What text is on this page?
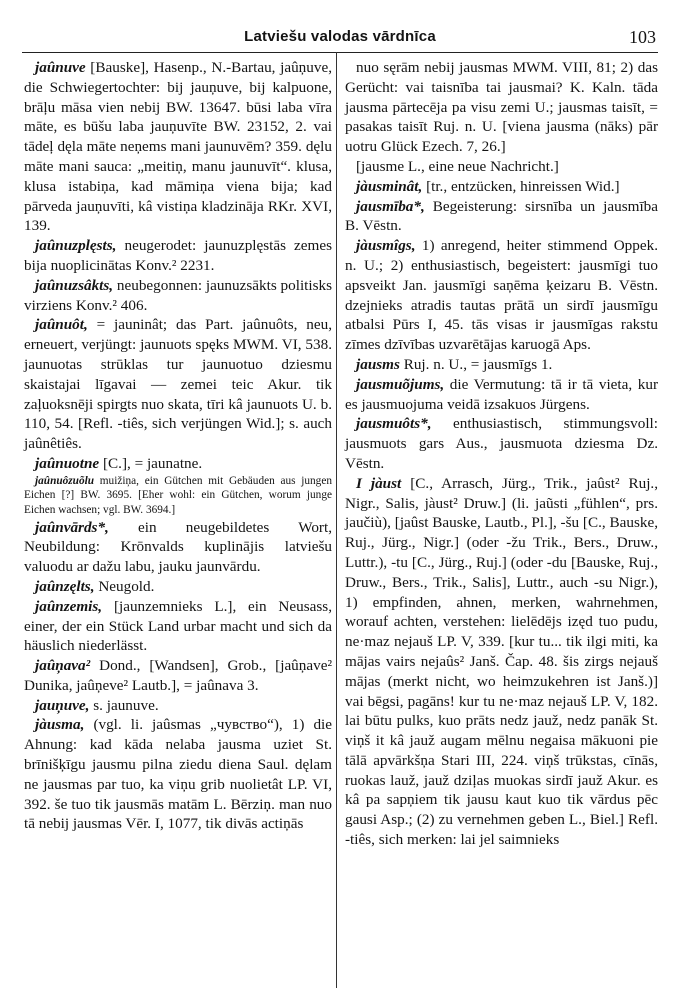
Latviešu valodas vārdnīca	103

jaûnuve [Bauske], Hasenp., N.-Bartau, jaûņuve, die Schwiegertochter: bij jauņuve, bij kalpuone, brāļu māsa vien nebij BW. 13647. būsi laba vīra māte, es būšu laba jauņuvīte BW. 23152, 2. vai tādeļ dęla māte neņems mani jaunuvēm? 359. dęlu māte mani sauca: „meitiņ, manu jaunuvīt“. klusa, klusa istabiņa, kad māmiņa viena bija; kad pārveda jauņuvīti, kâ vistiņa kladzināja RKr. XVI, 139.

jaûnuzplęsts, neugerodet: jaunuzplęstās zemes bija nuoplicinātas Konv.² 2231.

jaûnuzsâkts, neubegonnen: jaunuzsākts politisks virziens Konv.² 406.

jaûnuôt, = jauninât; das Part. jaûnuôts, neu, erneuert, verjüngt: jaunuots spęks MWM. VI, 538. jaunuotas strūklas tur jaunuotuo dziesmu skaistajai līgavai — zemei teic Akur. tik zaļuoksnēji spirgts nuo skata, tīri kâ jaunuots U. b. 110, 54. [Refl. -tiês, sich verjüngen Wid.]; s. auch jaûnêtiês.

jaûnuotne [C.], = jaunatne.

jaûnuôzuõlu muižiņa, ein Gütchen mit Gebäuden aus jungen Eichen [?] BW. 3695. [Eher wohl: ein Gütchen, worum junge Eichen wachsen; vgl. BW. 3694.]

jaûnvārds*, ein neugebildetes Wort, Neubildung: Krōnvalds kuplinājis latviešu valuodu ar dažu labu, jauku jaunvārdu.

jaûnzęlts, Neugold.

jaûnzemis, [jaunzemnieks L.], ein Neusass, einer, der ein Stück Land urbar macht und sich da häuslich niederlässt.

jaûņava² Dond., [Wandsen], Grob., [jaûņave² Dunika, jaûņeve² Lautb.], = jaûnava 3.

jauņuve, s. jaunuve.

jàusma, (vgl. li. jaûsmas „чувство“), 1) die Ahnung: kad kāda nelaba jausma uziet St. brīnišķīgu jausmu pilna ziedu diena Saul. dęlam ne jausmas par tuo, ka viņu grib nuolietât LP. VI, 392. še tuo tik jausmās matām L. Bērziņ. man nuo tā nebij jausmas Vēr. I, 1077, tik divās actiņās

nuo sęrām nebij jausmas MWM. VIII, 81; 2) das Gerücht: vai taisnība tai jausmai? K. Kaln. tāda jausma pārtecēja pa visu zemi U.; jausmas taisīt, = pasakas taisīt Ruj. n. U. [viena jausma (nāks) pār uotru Glück Ezech. 7, 26.]

[jausme L., eine neue Nachricht.]

jàusminât, [tr., entzücken, hinreissen Wid.]

jausmība*, Begeisterung: sirsnība un jausmība B. Vēstn.

jàusmîgs, 1) anregend, heiter stimmend Oppek. n. U.; 2) enthusiastisch, begeistert: jausmīgi tuo apsveikt Jan. jausmīgi saņēma ķeizaru B. Vēstn. dzejnieks atradis tautas prātā un sirdī jausmīgu atbalsi Pūrs I, 45. tās visas ir jausmīgas rakstu zīmes dzīvības uzvarētājas karuogā Aps.

jausms Ruj. n. U., = jausmīgs 1.

jausmuõjums, die Vermutung: tā ir tā vieta, kur es jausmuojuma veidā izsakuos Jürgens.

jausmuôts*, enthusiastisch, stimmungsvoll: jausmuots gars Aus., jausmuota dziesma Dz. Vēstn.

I jàust [C., Arrasch, Jürg., Trik., jaûst² Ruj., Nigr., Salis, jàust² Druw.] (li. jaũsti „fühlen“, prs. jaučiù), [jaûst Bauske, Lautb., Pl.], -šu [C., Bauske, Ruj., Jürg., Nigr.] (oder -žu Trik., Bers., Druw., Luttr.), -tu [C., Jürg., Ruj.] (oder -du [Bauske, Ruj., Druw., Bers., Trik., Salis], Luttr., auch -su Nigr.), 1) empfinden, ahnen, merken, wahrnehmen, worauf achten, verstehen: lielēdējs izęd tuo pudu, ne·maz nejauš LP. V, 339. [kur tu... tik ilgi miti, ka mājas vairs nejaûs² Janš. Čap. 48. šis zirgs nejauš mājas (merkt nicht, wo heimzukehren ist Janš.)] vai bēgsi, pagāns! kur tu ne·maz nejauš LP. V, 182. lai būtu pulks, kuo prāts nedz jauž, nedz panāk St. viņš it kâ jauž augam mēlnu negaisa mākuoni pie tālā apvārkšņa Stari III, 224. viņš trūkstas, cīnās, ruokas lauž, jauž dziļas muokas sirdī jauž Akur. es kâ pa sapņiem tik jausu kaut kuo tik vārdus pēc gausi Asp.; (2) zu vernehmen geben L., Biel.] Refl. -tiês, sich merken: lai jel saimnieks
